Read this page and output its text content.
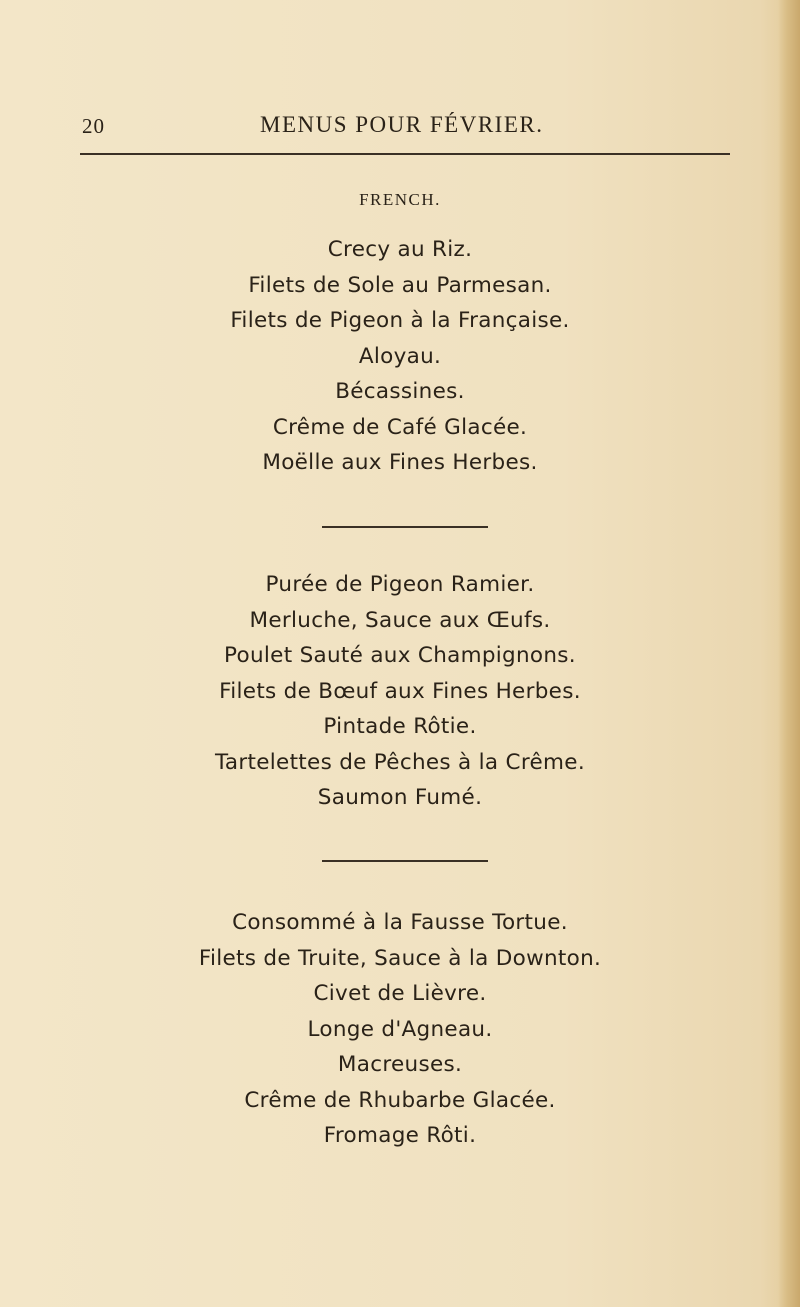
20	MENUS POUR FÉVRIER.
FRENCH.
Crecy au Riz.
Filets de Sole au Parmesan.
Filets de Pigeon à la Française.
Aloyau.
Bécassines.
Crême de Café Glacée.
Moëlle aux Fines Herbes.
Purée de Pigeon Ramier.
Merluche, Sauce aux Œufs.
Poulet Sauté aux Champignons.
Filets de Bœuf aux Fines Herbes.
Pintade Rôtie.
Tartelettes de Pêches à la Crême.
Saumon Fumé.
Consommé à la Fausse Tortue.
Filets de Truite, Sauce à la Downton.
Civet de Lièvre.
Longe d'Agneau.
Macreuses.
Crême de Rhubarbe Glacée.
Fromage Rôti.
